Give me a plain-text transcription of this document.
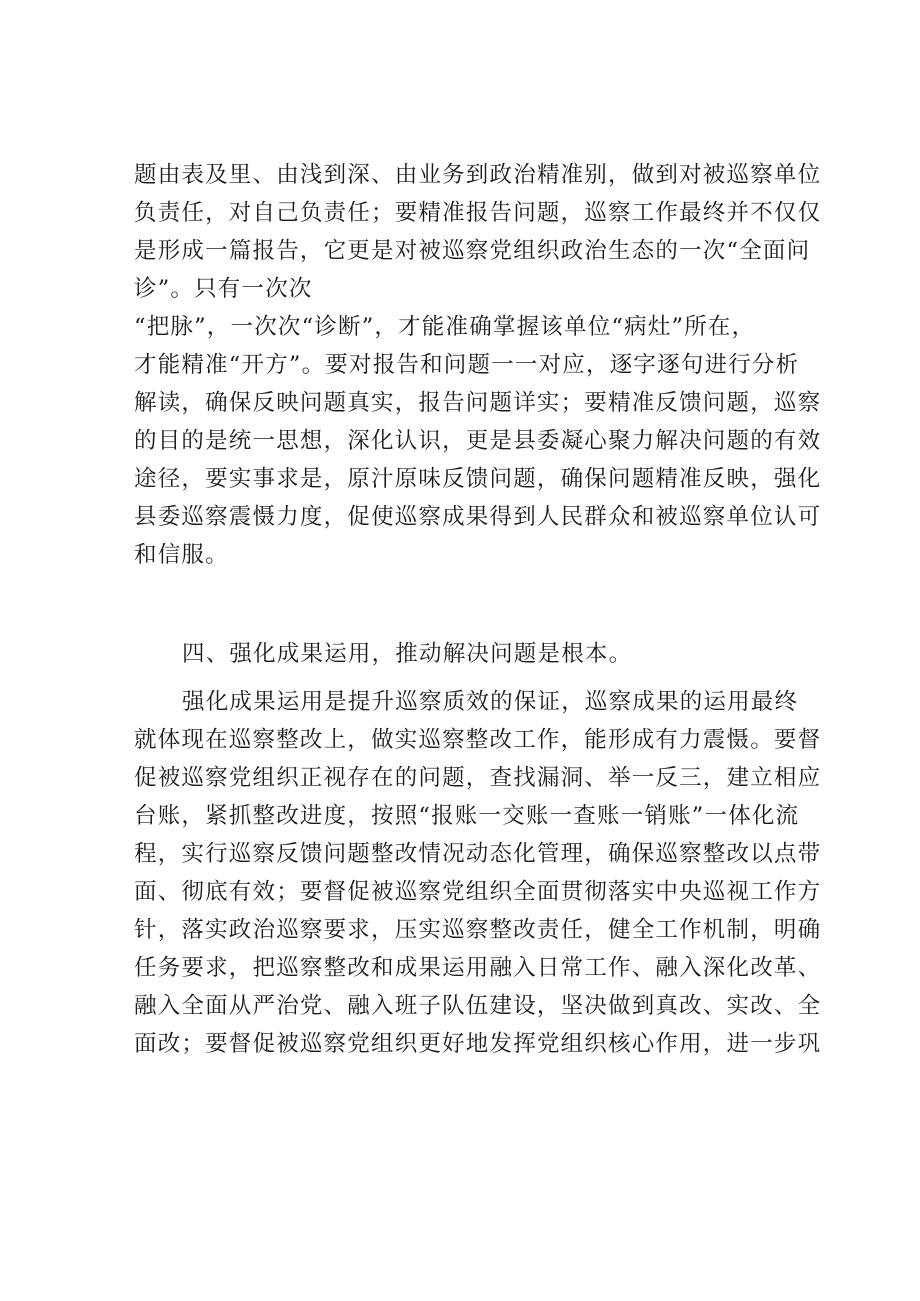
题由表及里、由浅到深、由业务到政治精准别，做到对被巡察单位
负责任，对自己负责任；要精准报告问题，巡察工作最终并不仅仅
是形成一篇报告，它更是对被巡察党组织政治生态的一次“全面问
诊”。只有一次次
“把脉”，一次次“诊断”，才能准确掌握该单位“病灶”所在，
才能精准“开方”。要对报告和问题一一对应，逐字逐句进行分析
解读，确保反映问题真实，报告问题详实；要精准反馈问题，巡察
的目的是统一思想，深化认识，更是县委凝心聚力解决问题的有效
途径，要实事求是，原汁原味反馈问题，确保问题精准反映，强化
县委巡察震慑力度，促使巡察成果得到人民群众和被巡察单位认可
和信服。
四、强化成果运用，推动解决问题是根本。
强化成果运用是提升巡察质效的保证，巡察成果的运用最终
就体现在巡察整改上，做实巡察整改工作，能形成有力震慑。要督
促被巡察党组织正视存在的问题，查找漏洞、举一反三，建立相应
台账，紧抓整改进度，按照“报账一交账一查账一销账”一体化流
程，实行巡察反馈问题整改情况动态化管理，确保巡察整改以点带
面、彻底有效；要督促被巡察党组织全面贯彻落实中央巡视工作方
针，落实政治巡察要求，压实巡察整改责任，健全工作机制，明确
任务要求，把巡察整改和成果运用融入日常工作、融入深化改革、
融入全面从严治党、融入班子队伍建设，坚决做到真改、实改、全
面改；要督促被巡察党组织更好地发挥党组织核心作用，进一步巩
